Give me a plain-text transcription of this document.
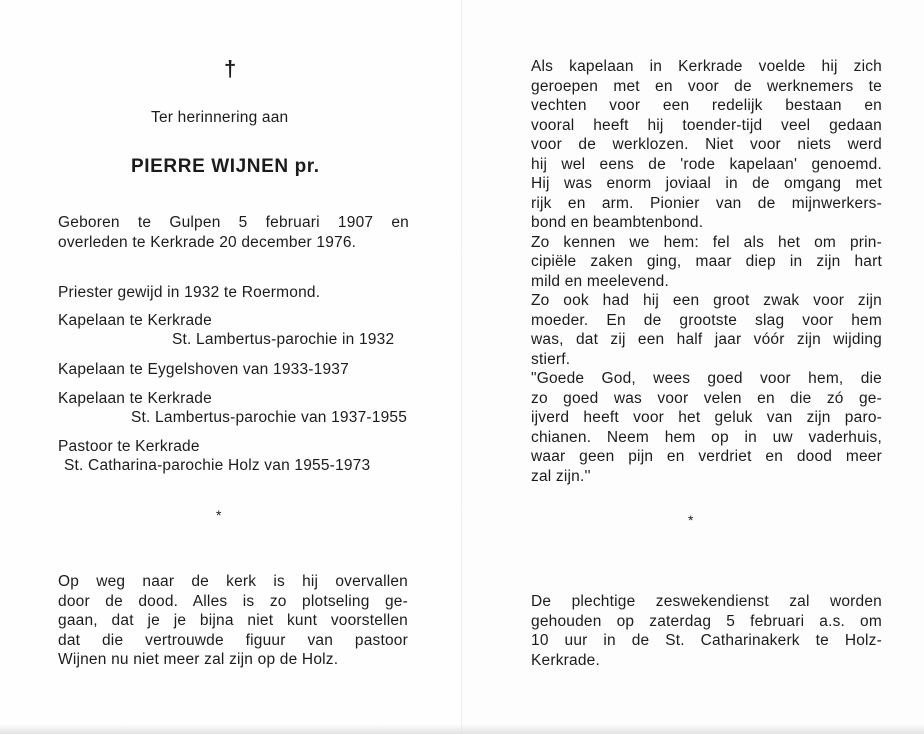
†
Ter herinnering aan
PIERRE WIJNEN pr.
Geboren te Gulpen 5 februari 1907 en
overleden te Kerkrade 20 december 1976.
Priester gewijd in 1932 te Roermond.
Kapelaan te Kerkrade
St. Lambertus-parochie in 1932
Kapelaan te Eygelshoven van 1933-1937
Kapelaan te Kerkrade
St. Lambertus-parochie van 1937-1955
Pastoor te Kerkrade
St. Catharina-parochie Holz van 1955-1973
*
Op weg naar de kerk is hij overvallen
door de dood. Alles is zo plotseling ge-
gaan, dat je je bijna niet kunt voorstellen
dat die vertrouwde figuur van pastoor
Wijnen nu niet meer zal zijn op de Holz.
Als kapelaan in Kerkrade voelde hij zich
geroepen met en voor de werknemers te
vechten voor een redelijk bestaan en
vooral heeft hij toender-tijd veel gedaan
voor de werklozen. Niet voor niets werd
hij wel eens de 'rode kapelaan' genoemd.
Hij was enorm joviaal in de omgang met
rijk en arm. Pionier van de mijnwerkers-
bond en beambtenbond.
Zo kennen we hem: fel als het om prin-
cipiële zaken ging, maar diep in zijn hart
mild en meelevend.
Zo ook had hij een groot zwak voor zijn
moeder. En de grootste slag voor hem
was, dat zij een half jaar vóór zijn wijding
stierf.
"Goede God, wees goed voor hem, die
zo goed was voor velen en die zó ge-
ijverd heeft voor het geluk van zijn paro-
chianen. Neem hem op in uw vaderhuis,
waar geen pijn en verdriet en dood meer
zal zijn.''
*
De plechtige zeswekendienst zal worden
gehouden op zaterdag 5 februari a.s. om
10 uur in de St. Catharinakerk te Holz-
Kerkrade.
